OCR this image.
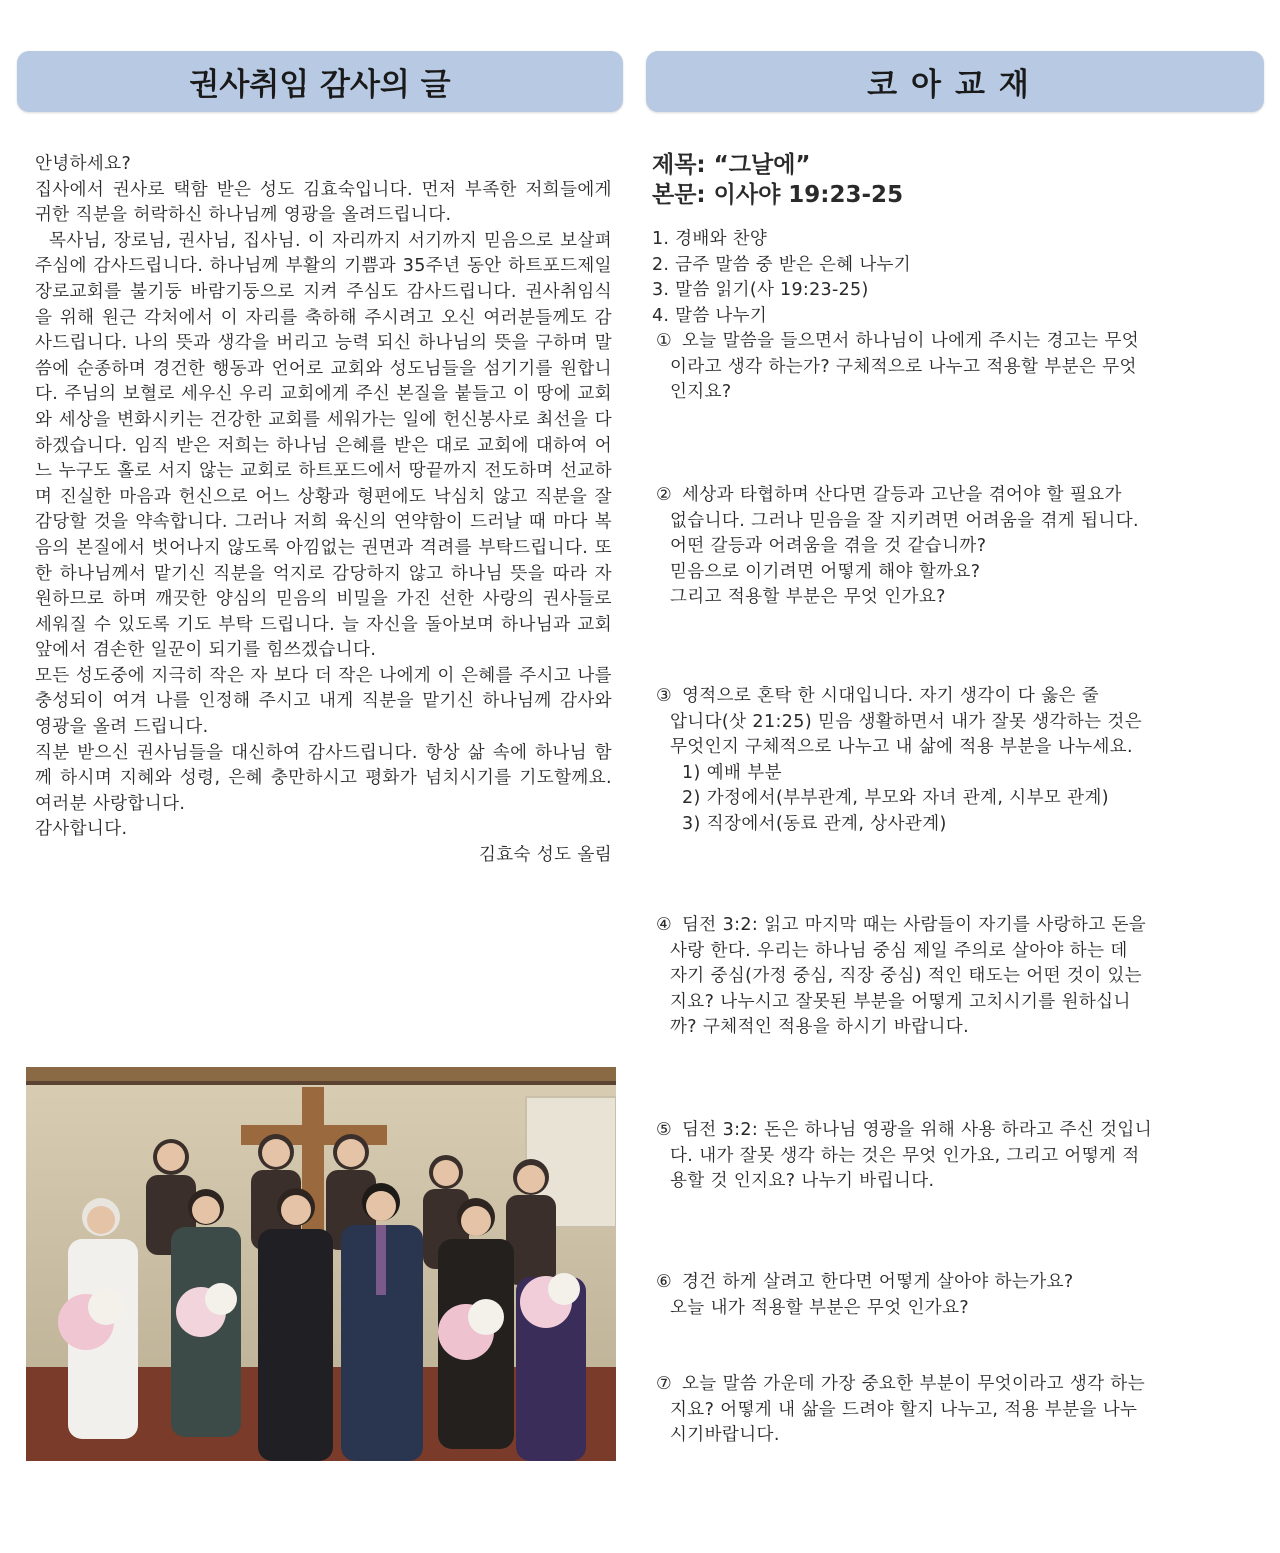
권사취임 감사의 글	코아교재

안녕하세요?

집사에서 권사로 택함 받은 성도 김효숙입니다. 먼저 부족한 저희들에게 귀한 직분을 허락하신 하나님께 영광을 올려드립니다.

목사님, 장로님, 권사님, 집사님. 이 자리까지 서기까지 믿음으로 보살펴 주심에 감사드립니다. 하나님께 부활의 기쁨과 35주년 동안 하트포드제일장로교회를 불기둥 바람기둥으로 지켜 주심도 감사드립니다. 권사취임식을 위해 원근 각처에서 이 자리를 축하해 주시려고 오신 여러분들께도 감사드립니다. 나의 뜻과 생각을 버리고 능력 되신 하나님의 뜻을 구하며 말씀에 순종하며 경건한 행동과 언어로 교회와 성도님들을 섬기기를 원합니다. 주님의 보혈로 세우신 우리 교회에게 주신 본질을 붙들고 이 땅에 교회와 세상을 변화시키는 건강한 교회를 세워가는 일에 헌신봉사로 최선을 다 하겠습니다. 임직 받은 저희는 하나님 은혜를 받은 대로 교회에 대하여 어느 누구도 홀로 서지 않는 교회로 하트포드에서 땅끝까지 전도하며 선교하며 진실한 마음과 헌신으로 어느 상황과 형편에도 낙심치 않고 직분을 잘 감당할 것을 약속합니다. 그러나 저희 육신의 연약함이 드러날 때 마다 복음의 본질에서 벗어나지 않도록 아낌없는 권면과 격려를 부탁드립니다. 또한 하나님께서 맡기신 직분을 억지로 감당하지 않고 하나님 뜻을 따라 자원하므로 하며 깨끗한 양심의 믿음의 비밀을 가진 선한 사랑의 권사들로 세워질 수 있도록 기도 부탁 드립니다. 늘 자신을 돌아보며 하나님과 교회 앞에서 겸손한 일꾼이 되기를 힘쓰겠습니다.

모든 성도중에 지극히 작은 자 보다 더 작은 나에게 이 은혜를 주시고 나를 충성되이 여겨 나를 인정해 주시고 내게 직분을 맡기신 하나님께 감사와 영광을 올려 드립니다.

직분 받으신 권사님들을 대신하여 감사드립니다. 항상 삶 속에 하나님 함께 하시며 지혜와 성령, 은혜 충만하시고 평화가 넘치시기를 기도할께요. 여러분 사랑합니다.

감사합니다.

김효숙 성도 올림

제목: “그날에”
본문: 이사야 19:23-25
1. 경배와 찬양
2. 금주 말씀 중 받은 은혜 나누기
3. 말씀 읽기(사 19:23-25)
4. 말씀 나누기
① 오늘 말씀을 들으면서 하나님이 나에게 주시는 경고는 무엇
이라고 생각 하는가? 구체적으로 나누고 적용할 부분은 무엇
인지요?
② 세상과 타협하며 산다면 갈등과 고난을 겪어야 할 필요가
없습니다. 그러나 믿음을 잘 지키려면 어려움을 겪게 됩니다.
어떤 갈등과 어려움을 겪을 것 같습니까?
믿음으로 이기려면 어떻게 해야 할까요?
그리고 적용할 부분은 무엇 인가요?
③ 영적으로 혼탁 한 시대입니다. 자기 생각이 다 옳은 줄
압니다(삿 21:25) 믿음 생활하면서 내가 잘못 생각하는 것은
무엇인지 구체적으로 나누고 내 삶에 적용 부분을 나누세요.
1) 예배 부분
2) 가정에서(부부관계, 부모와 자녀 관계, 시부모 관계)
3) 직장에서(동료 관계, 상사관계)
④ 딤전 3:2: 읽고 마지막 때는 사람들이 자기를 사랑하고 돈을
사랑 한다. 우리는 하나님 중심 제일 주의로 살아야 하는 데
자기 중심(가정 중심, 직장 중심) 적인 태도는 어떤 것이 있는
지요? 나누시고 잘못된 부분을 어떻게 고치시기를 원하십니
까? 구체적인 적용을 하시기 바랍니다.
⑤ 딤전 3:2: 돈은 하나님 영광을 위해 사용 하라고 주신 것입니
다. 내가 잘못 생각 하는 것은 무엇 인가요, 그리고 어떻게 적
용할 것 인지요? 나누기 바립니다.
⑥ 경건 하게 살려고 한다면 어떻게 살아야 하는가요?
오늘 내가 적용할 부분은 무엇 인가요?
⑦ 오늘 말씀 가운데 가장 중요한 부분이 무엇이라고 생각 하는
지요? 어떻게 내 삶을 드려야 할지 나누고, 적용 부분을 나누
시기바랍니다.
